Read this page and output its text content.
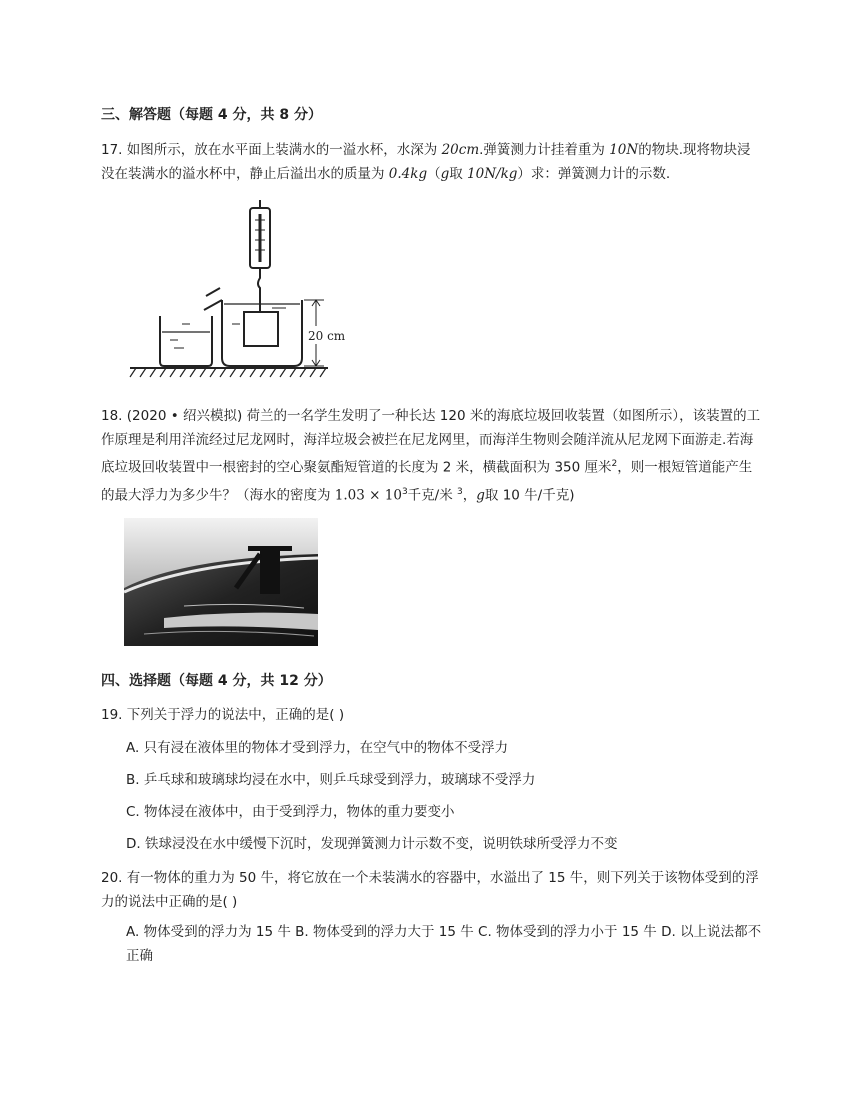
三、解答题（每题 4 分，共 8 分）
17. 如图所示，放在水平面上装满水的一溢水杯，水深为 20cm.弹簧测力计挂着重为 10N的物块.现将物块浸没在装满水的溢水杯中，静止后溢出水的质量为 0.4kg（g取 10N/kg）求：弹簧测力计的示数.
20 cm
18. (2020 • 绍兴模拟) 荷兰的一名学生发明了一种长达 120 米的海底垃圾回收装置（如图所示），该装置的工作原理是利用洋流经过尼龙网时，海洋垃圾会被拦在尼龙网里，而海洋生物则会随洋流从尼龙网下面游走.若海底垃圾回收装置中一根密封的空心聚氨酯短管道的长度为 2 米，横截面积为 350 厘米$^2$，则一根短管道能产生的最大浮力为多少牛？（海水的密度为 $1.03 \times 10^3$千克/米 $^3$，g取 10 牛/千克)
四、选择题（每题 4 分，共 12 分）
19. 下列关于浮力的说法中，正确的是( )
A. 只有浸在液体里的物体才受到浮力，在空气中的物体不受浮力
B. 乒乓球和玻璃球均浸在水中，则乒乓球受到浮力，玻璃球不受浮力
C. 物体浸在液体中，由于受到浮力，物体的重力要变小
D. 铁球浸没在水中缓慢下沉时，发现弹簧测力计示数不变，说明铁球所受浮力不变
20. 有一物体的重力为 50 牛，将它放在一个未装满水的容器中，水溢出了 15 牛，则下列关于该物体受到的浮力的说法中正确的是( )
A. 物体受到的浮力为 15 牛 B. 物体受到的浮力大于 15 牛 C. 物体受到的浮力小于 15 牛 D. 以上说法都不正确
